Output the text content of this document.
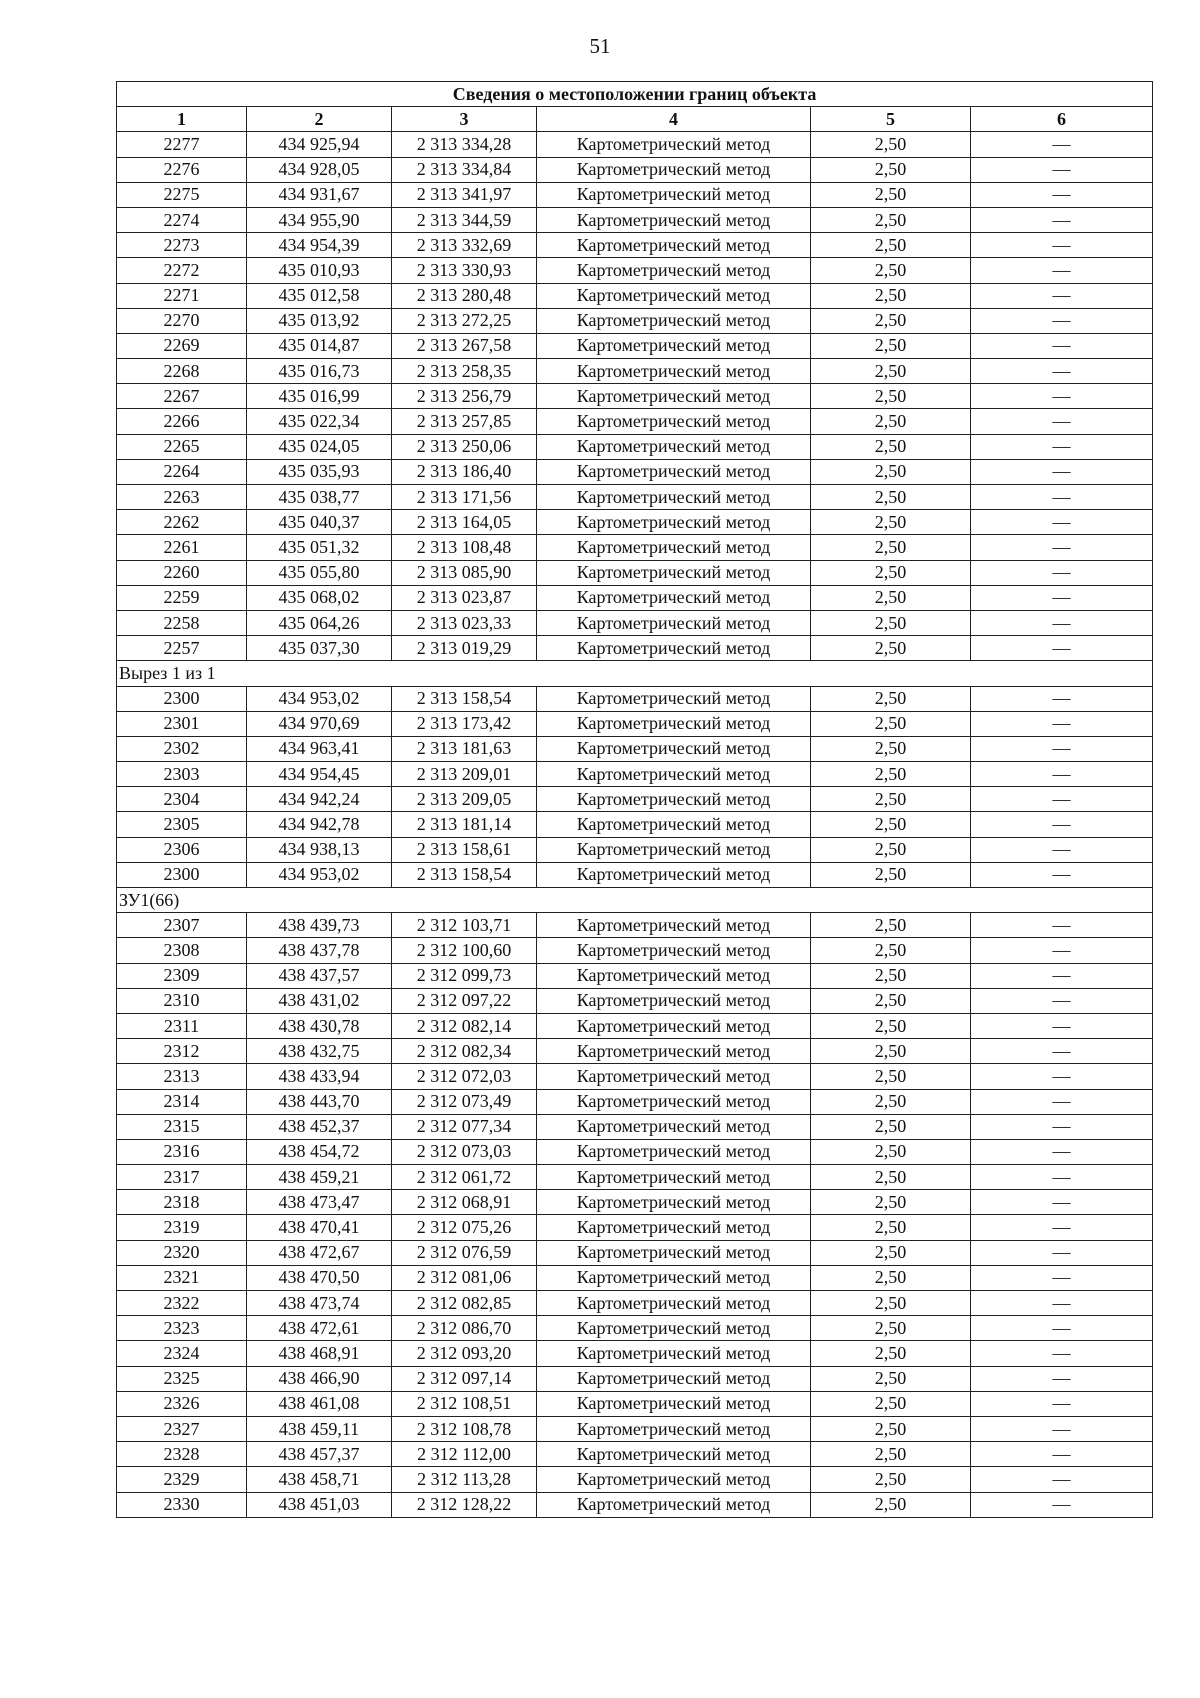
51
Сведения о местоположении границ объекта					
1	2	3	4	5	6
2277	434 925,94	2 313 334,28	Картометрический метод	2,50	—
2276	434 928,05	2 313 334,84	Картометрический метод	2,50	—
2275	434 931,67	2 313 341,97	Картометрический метод	2,50	—
2274	434 955,90	2 313 344,59	Картометрический метод	2,50	—
2273	434 954,39	2 313 332,69	Картометрический метод	2,50	—
2272	435 010,93	2 313 330,93	Картометрический метод	2,50	—
2271	435 012,58	2 313 280,48	Картометрический метод	2,50	—
2270	435 013,92	2 313 272,25	Картометрический метод	2,50	—
2269	435 014,87	2 313 267,58	Картометрический метод	2,50	—
2268	435 016,73	2 313 258,35	Картометрический метод	2,50	—
2267	435 016,99	2 313 256,79	Картометрический метод	2,50	—
2266	435 022,34	2 313 257,85	Картометрический метод	2,50	—
2265	435 024,05	2 313 250,06	Картометрический метод	2,50	—
2264	435 035,93	2 313 186,40	Картометрический метод	2,50	—
2263	435 038,77	2 313 171,56	Картометрический метод	2,50	—
2262	435 040,37	2 313 164,05	Картометрический метод	2,50	—
2261	435 051,32	2 313 108,48	Картометрический метод	2,50	—
2260	435 055,80	2 313 085,90	Картометрический метод	2,50	—
2259	435 068,02	2 313 023,87	Картометрический метод	2,50	—
2258	435 064,26	2 313 023,33	Картометрический метод	2,50	—
2257	435 037,30	2 313 019,29	Картометрический метод	2,50	—
Вырез 1 из 1					
2300	434 953,02	2 313 158,54	Картометрический метод	2,50	—
2301	434 970,69	2 313 173,42	Картометрический метод	2,50	—
2302	434 963,41	2 313 181,63	Картометрический метод	2,50	—
2303	434 954,45	2 313 209,01	Картометрический метод	2,50	—
2304	434 942,24	2 313 209,05	Картометрический метод	2,50	—
2305	434 942,78	2 313 181,14	Картометрический метод	2,50	—
2306	434 938,13	2 313 158,61	Картометрический метод	2,50	—
2300	434 953,02	2 313 158,54	Картометрический метод	2,50	—
ЗУ1(66)					
2307	438 439,73	2 312 103,71	Картометрический метод	2,50	—
2308	438 437,78	2 312 100,60	Картометрический метод	2,50	—
2309	438 437,57	2 312 099,73	Картометрический метод	2,50	—
2310	438 431,02	2 312 097,22	Картометрический метод	2,50	—
2311	438 430,78	2 312 082,14	Картометрический метод	2,50	—
2312	438 432,75	2 312 082,34	Картометрический метод	2,50	—
2313	438 433,94	2 312 072,03	Картометрический метод	2,50	—
2314	438 443,70	2 312 073,49	Картометрический метод	2,50	—
2315	438 452,37	2 312 077,34	Картометрический метод	2,50	—
2316	438 454,72	2 312 073,03	Картометрический метод	2,50	—
2317	438 459,21	2 312 061,72	Картометрический метод	2,50	—
2318	438 473,47	2 312 068,91	Картометрический метод	2,50	—
2319	438 470,41	2 312 075,26	Картометрический метод	2,50	—
2320	438 472,67	2 312 076,59	Картометрический метод	2,50	—
2321	438 470,50	2 312 081,06	Картометрический метод	2,50	—
2322	438 473,74	2 312 082,85	Картометрический метод	2,50	—
2323	438 472,61	2 312 086,70	Картометрический метод	2,50	—
2324	438 468,91	2 312 093,20	Картометрический метод	2,50	—
2325	438 466,90	2 312 097,14	Картометрический метод	2,50	—
2326	438 461,08	2 312 108,51	Картометрический метод	2,50	—
2327	438 459,11	2 312 108,78	Картометрический метод	2,50	—
2328	438 457,37	2 312 112,00	Картометрический метод	2,50	—
2329	438 458,71	2 312 113,28	Картометрический метод	2,50	—
2330	438 451,03	2 312 128,22	Картометрический метод	2,50	—
